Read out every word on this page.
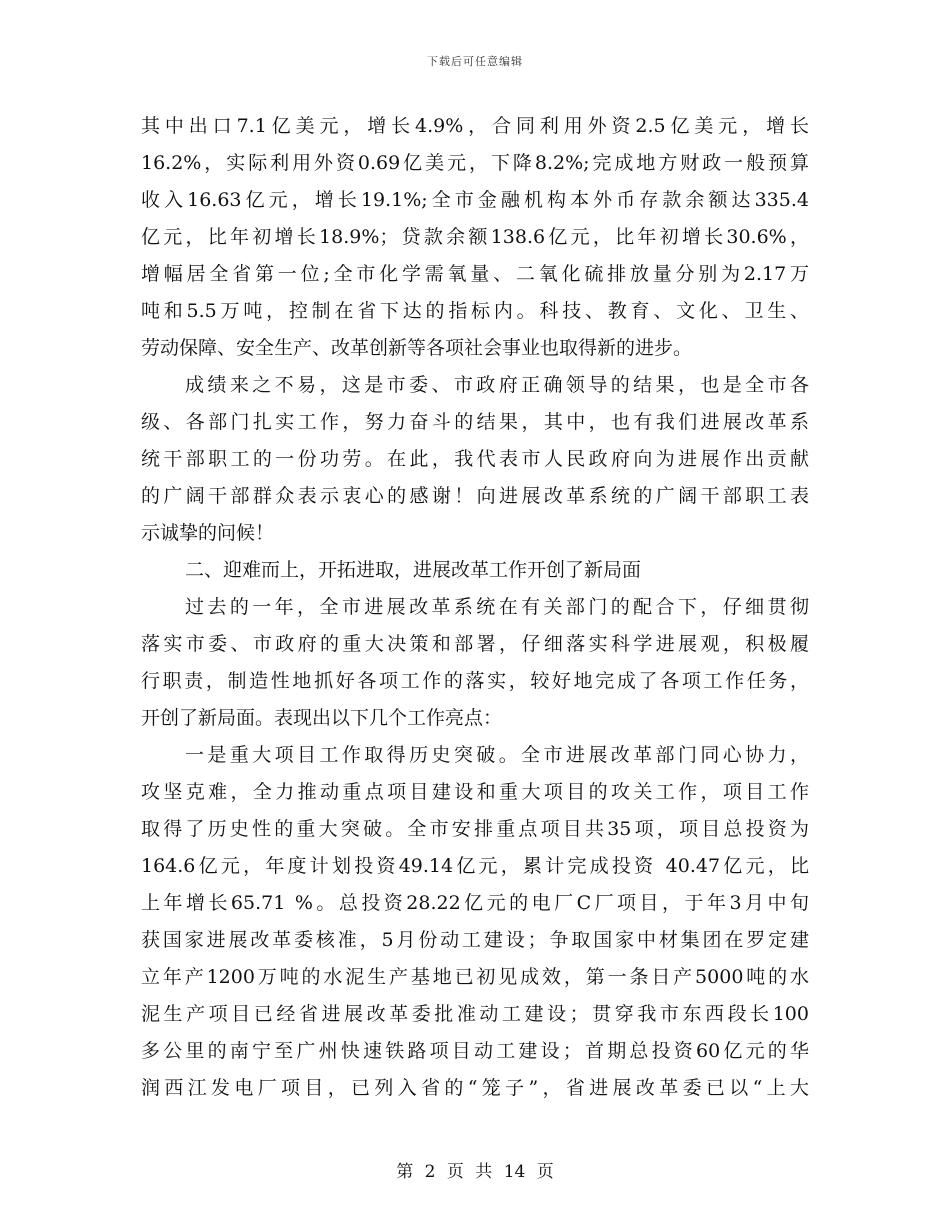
下载后可任意编辑
其中出口7.1亿美元，增长4.9%，合同利用外资2.5亿美元，增长
16.2%，实际利用外资0.69亿美元，下降8.2%;完成地方财政一般预算
收入16.63亿元，增长19.1%;全市金融机构本外币存款余额达335.4
亿元，比年初增长18.9%；贷款余额138.6亿元，比年初增长30.6%，
增幅居全省第一位;全市化学需氧量、二氧化硫排放量分别为2.17万
吨和5.5万吨，控制在省下达的指标内。科技、教育、文化、卫生、
劳动保障、安全生产、改革创新等各项社会事业也取得新的进步。
成绩来之不易，这是市委、市政府正确领导的结果，也是全市各
级、各部门扎实工作，努力奋斗的结果，其中，也有我们进展改革系
统干部职工的一份功劳。在此，我代表市人民政府向为进展作出贡献
的广阔干部群众表示衷心的感谢！向进展改革系统的广阔干部职工表
示诚挚的问候！
二、迎难而上，开拓进取，进展改革工作开创了新局面
过去的一年，全市进展改革系统在有关部门的配合下，仔细贯彻
落实市委、市政府的重大决策和部署，仔细落实科学进展观，积极履
行职责，制造性地抓好各项工作的落实，较好地完成了各项工作任务，
开创了新局面。表现出以下几个工作亮点：
一是重大项目工作取得历史突破。全市进展改革部门同心协力，
攻坚克难，全力推动重点项目建设和重大项目的攻关工作，项目工作
取得了历史性的重大突破。全市安排重点项目共35项，项目总投资为
164.6亿元，年度计划投资49.14亿元，累计完成投资 40.47亿元，比
上年增长65.71 %。总投资28.22亿元的电厂C厂项目，于年3月中旬
获国家进展改革委核准，5月份动工建设；争取国家中材集团在罗定建
立年产1200万吨的水泥生产基地已初见成效，第一条日产5000吨的水
泥生产项目已经省进展改革委批准动工建设；贯穿我市东西段长100
多公里的南宁至广州快速铁路项目动工建设；首期总投资60亿元的华
润西江发电厂项目，已列入省的“笼子”，省进展改革委已以“上大
第 2 页 共 14 页
